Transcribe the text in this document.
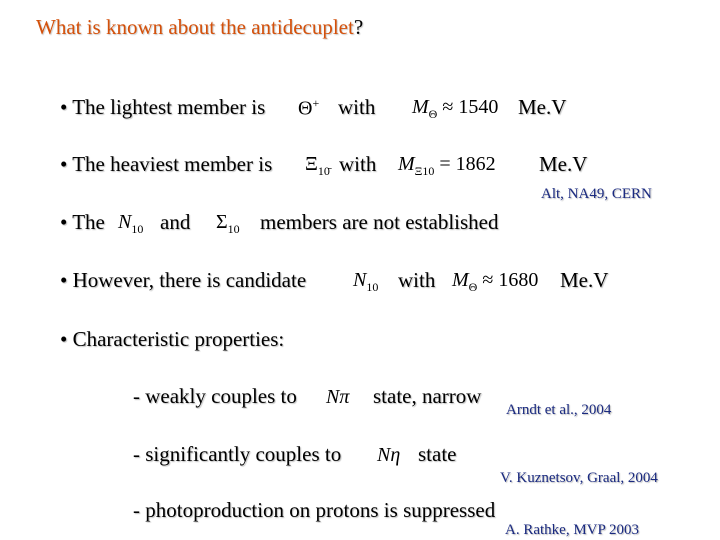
What is known about the antidecuplet?
• The lightest member is Θ+ with $M_\Theta \approx 1540$ Me.V
• The heaviest member is $\Xi_{10̄}$ with $M_{\Xi 10} = 1862$ Me.V
Alt, NA49, CERN
• The $N_{10}$ and $\Sigma_{10}$ members are not established
• However, there is candidate $N_{10}$ with $M_\Theta \approx 1680$ Me.V
• Characteristic properties:
- weakly couples to Nπ state, narrow
Arndt et al., 2004
- significantly couples to Nη state
V. Kuznetsov, Graal, 2004
- photoproduction on protons is suppressed
A. Rathke, MVP 2003
